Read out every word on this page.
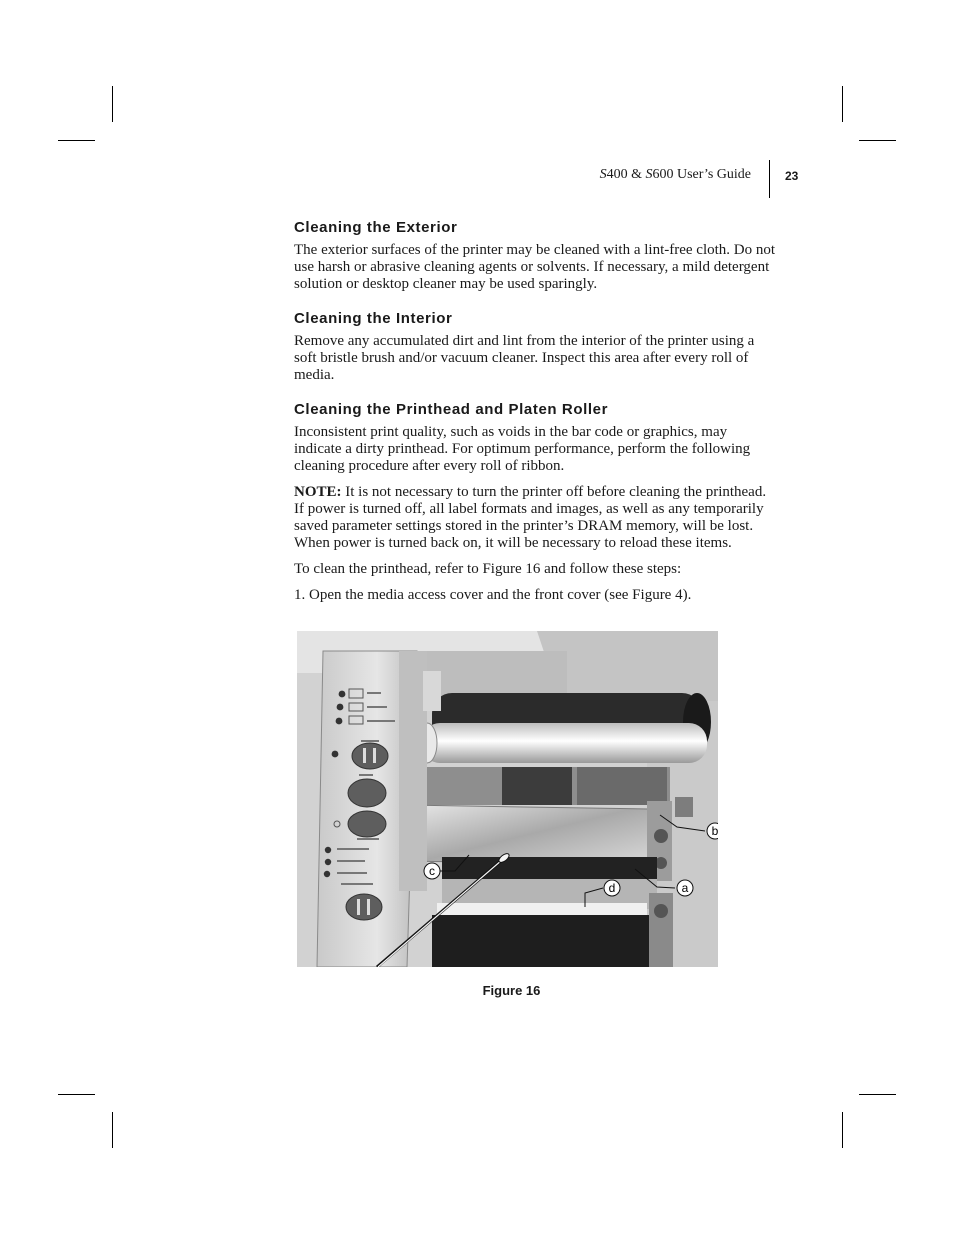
S400 & S600 User’s Guide	23
Cleaning the Exterior

The exterior surfaces of the printer may be cleaned with a lint-free cloth. Do not use harsh or abrasive cleaning agents or solvents. If necessary, a mild detergent solution or desktop cleaner may be used sparingly.

Cleaning the Interior

Remove any accumulated dirt and lint from the interior of the printer using a soft bristle brush and/or vacuum cleaner. Inspect this area after every roll of media.

Cleaning the Printhead and Platen Roller

Inconsistent print quality, such as voids in the bar code or graphics, may indicate a dirty printhead. For optimum performance, perform the following cleaning procedure after every roll of ribbon.

NOTE: It is not necessary to turn the printer off before cleaning the printhead. If power is turned off, all label formats and images, as well as any temporarily saved parameter settings stored in the printer’s DRAM memory, will be lost. When power is turned back on, it will be necessary to reload these items.

To clean the printhead, refer to Figure 16 and follow these steps:

1. Open the media access cover and the front cover (see Figure 4).

b
a
d
c
Figure 16
